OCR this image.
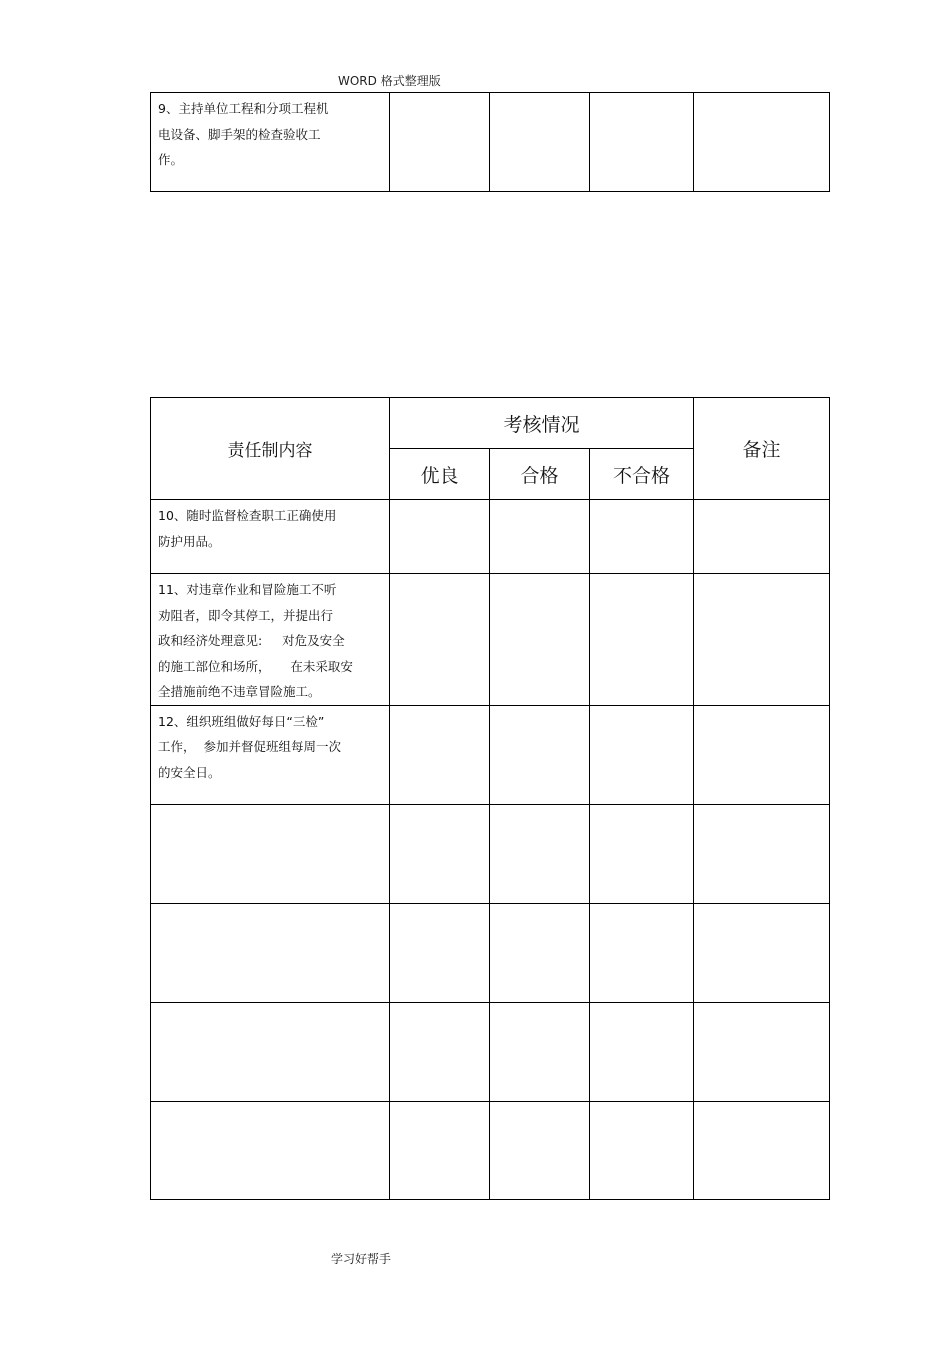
WORD 格式整理版
9、主持单位工程和分项工程机
电设备、脚手架的检查验收工
作。				
责任制内容	考核情况			备注
	优良	合格	不合格	
10、随时监督检查职工正确使用
防护用品。				
11、对违章作业和冒险施工不听
劝阻者，即令其停工，并提出行
政和经济处理意见:     对危及安全
的施工部位和场所，     在未采取安
全措施前绝不违章冒险施工。				
12、组织班组做好每日“三检”
工作，  参加并督促班组每周一次
的安全日。				

学习好帮手
